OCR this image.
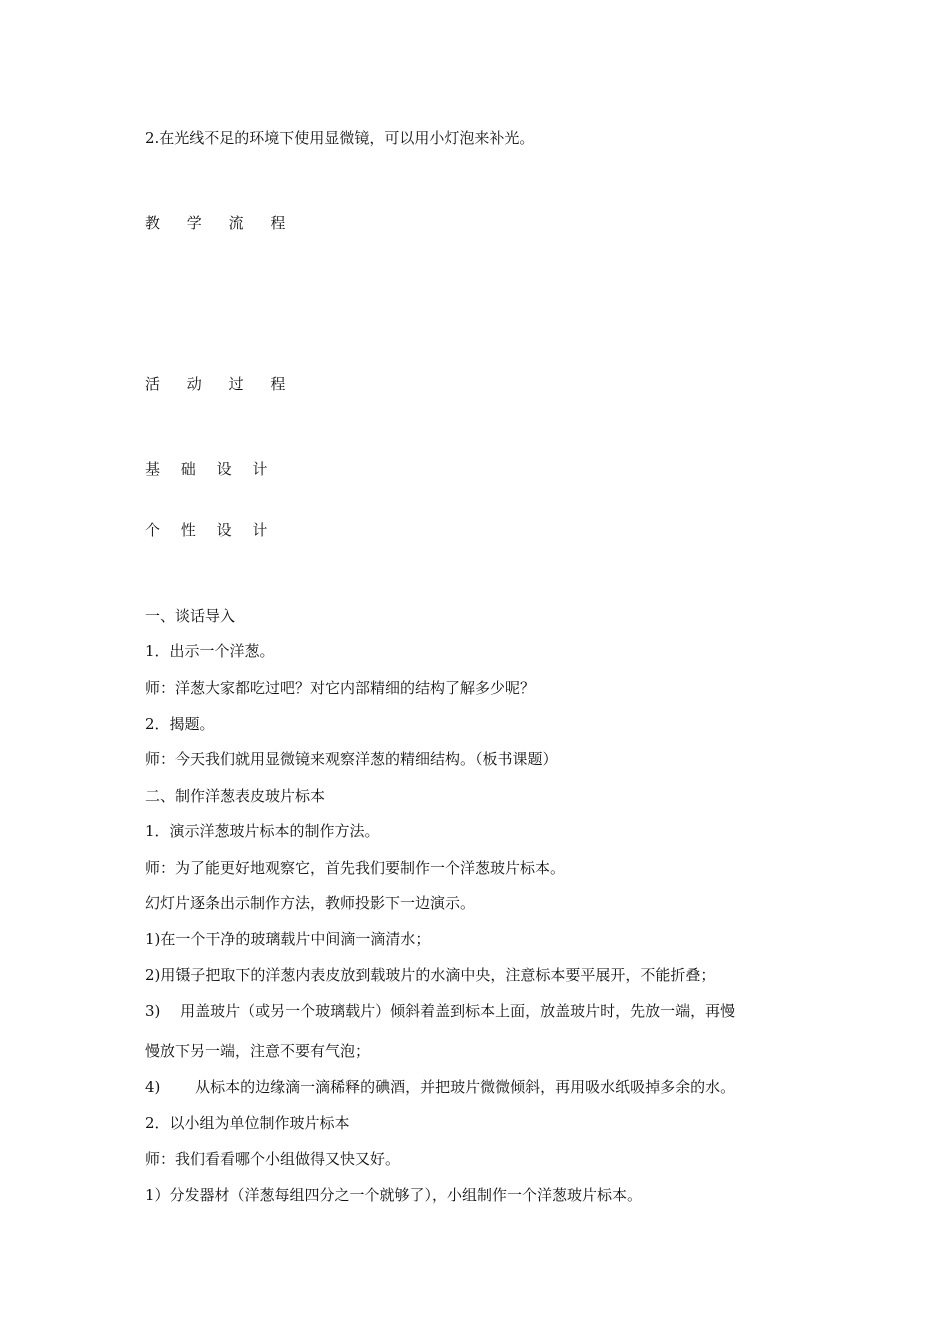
2.在光线不足的环境下使用显微镜，可以用小灯泡来补光。
教 学 流 程
活 动 过 程
基 础 设 计
个 性 设 计
一、谈话导入
1．出示一个洋葱。
师：洋葱大家都吃过吧？对它内部精细的结构了解多少呢？
2．揭题。
师：今天我们就用显微镜来观察洋葱的精细结构。（板书课题）
二、制作洋葱表皮玻片标本
1．演示洋葱玻片标本的制作方法。
师：为了能更好地观察它，首先我们要制作一个洋葱玻片标本。
幻灯片逐条出示制作方法，教师投影下一边演示。
1)在一个干净的玻璃载片中间滴一滴清水；
2)用镊子把取下的洋葱内表皮放到载玻片的水滴中央，注意标本要平展开，不能折叠；
3)　 用盖玻片（或另一个玻璃载片）倾斜着盖到标本上面，放盖玻片时，先放一端，再慢
慢放下另一端，注意不要有气泡；
4)　　 从标本的边缘滴一滴稀释的碘酒，并把玻片微微倾斜，再用吸水纸吸掉多余的水。
2．以小组为单位制作玻片标本
师：我们看看哪个小组做得又快又好。
1）分发器材（洋葱每组四分之一个就够了），小组制作一个洋葱玻片标本。
